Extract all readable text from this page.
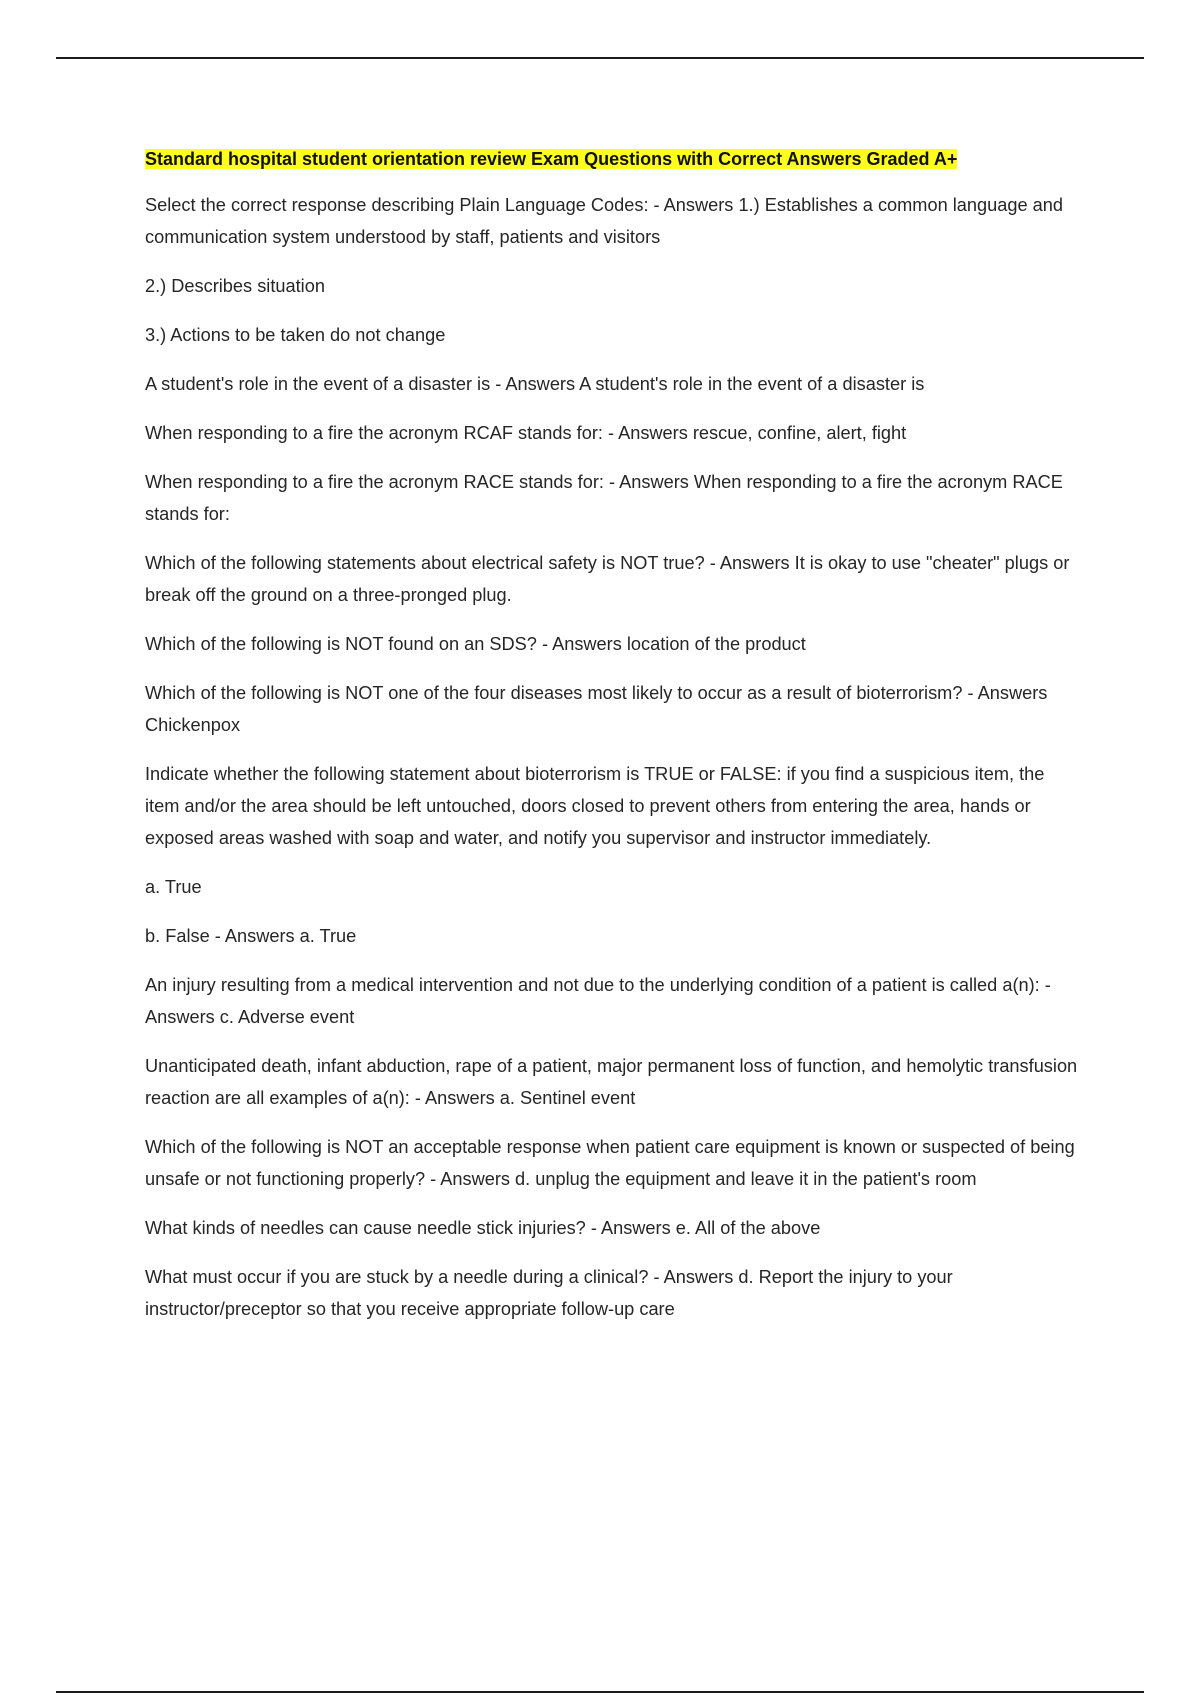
Standard hospital student orientation review Exam Questions with Correct Answers Graded A+

Select the correct response describing Plain Language Codes: - Answers 1.) Establishes a common language and communication system understood by staff, patients and visitors

2.) Describes situation

3.) Actions to be taken do not change

A student's role in the event of a disaster is - Answers A student's role in the event of a disaster is

When responding to a fire the acronym RCAF stands for: - Answers rescue, confine, alert, fight

When responding to a fire the acronym RACE stands for: - Answers When responding to a fire the acronym RACE stands for:

Which of the following statements about electrical safety is NOT true? - Answers It is okay to use "cheater" plugs or break off the ground on a three-pronged plug.

Which of the following is NOT found on an SDS? - Answers location of the product

Which of the following is NOT one of the four diseases most likely to occur as a result of bioterrorism? - Answers Chickenpox

Indicate whether the following statement about bioterrorism is TRUE or FALSE: if you find a suspicious item, the item and/or the area should be left untouched, doors closed to prevent others from entering the area, hands or exposed areas washed with soap and water, and notify you supervisor and instructor immediately.

a. True

b. False - Answers a. True

An injury resulting from a medical intervention and not due to the underlying condition of a patient is called a(n): - Answers c. Adverse event

Unanticipated death, infant abduction, rape of a patient, major permanent loss of function, and hemolytic transfusion reaction are all examples of a(n): - Answers a. Sentinel event

Which of the following is NOT an acceptable response when patient care equipment is known or suspected of being unsafe or not functioning properly? - Answers d. unplug the equipment and leave it in the patient's room

What kinds of needles can cause needle stick injuries? - Answers e. All of the above

What must occur if you are stuck by a needle during a clinical? - Answers d. Report the injury to your instructor/preceptor so that you receive appropriate follow-up care
